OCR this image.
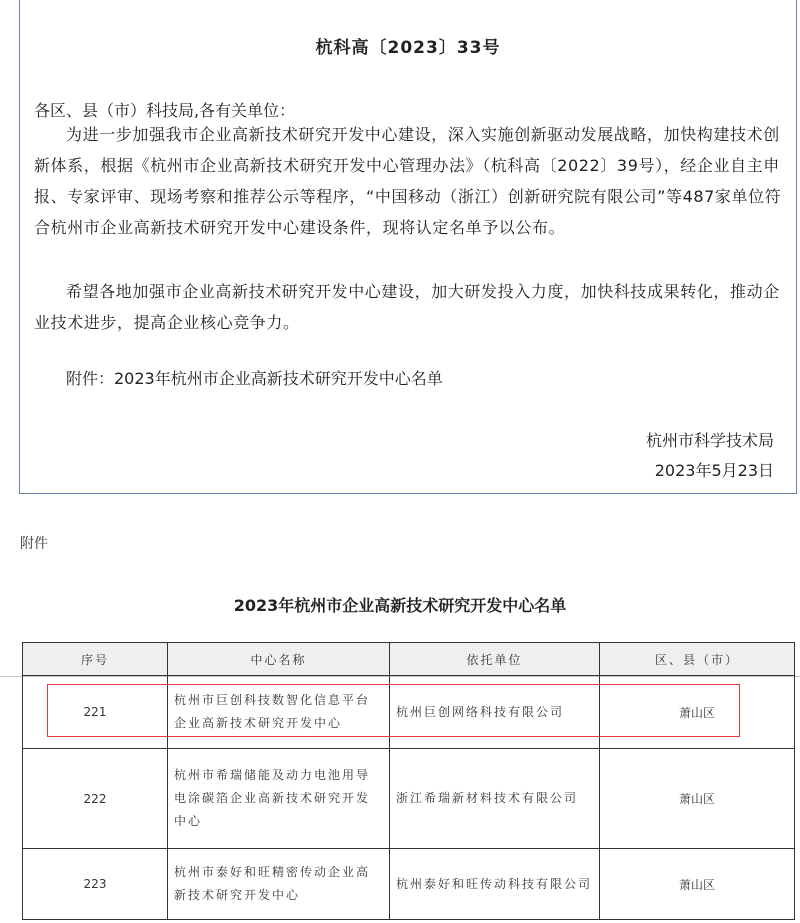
杭科高〔2023〕33号
各区、县（市）科技局,各有关单位：

为进一步加强我市企业高新技术研究开发中心建设，深入实施创新驱动发展战略，加快构建技术创新体系，根据《杭州市企业高新技术研究开发中心管理办法》（杭科高〔2022〕39号），经企业自主申报、专家评审、现场考察和推荐公示等程序，“中国移动（浙江）创新研究院有限公司”等487家单位符合杭州市企业高新技术研究开发中心建设条件，现将认定名单予以公布。

希望各地加强市企业高新技术研究开发中心建设，加大研发投入力度，加快科技成果转化，推动企业技术进步，提高企业核心竞争力。

附件：2023年杭州市企业高新技术研究开发中心名单
杭州市科学技术局
2023年5月23日
附件
2023年杭州市企业高新技术研究开发中心名单
序号	中心名称	依托单位	区、县（市）
221	杭州市巨创科技数智化信息平台企业高新技术研究开发中心	杭州巨创网络科技有限公司	萧山区
222	杭州市希瑞储能及动力电池用导电涂碳箔企业高新技术研究开发中心	浙江希瑞新材料技术有限公司	萧山区
223	杭州市泰好和旺精密传动企业高新技术研究开发中心	杭州泰好和旺传动科技有限公司	萧山区
